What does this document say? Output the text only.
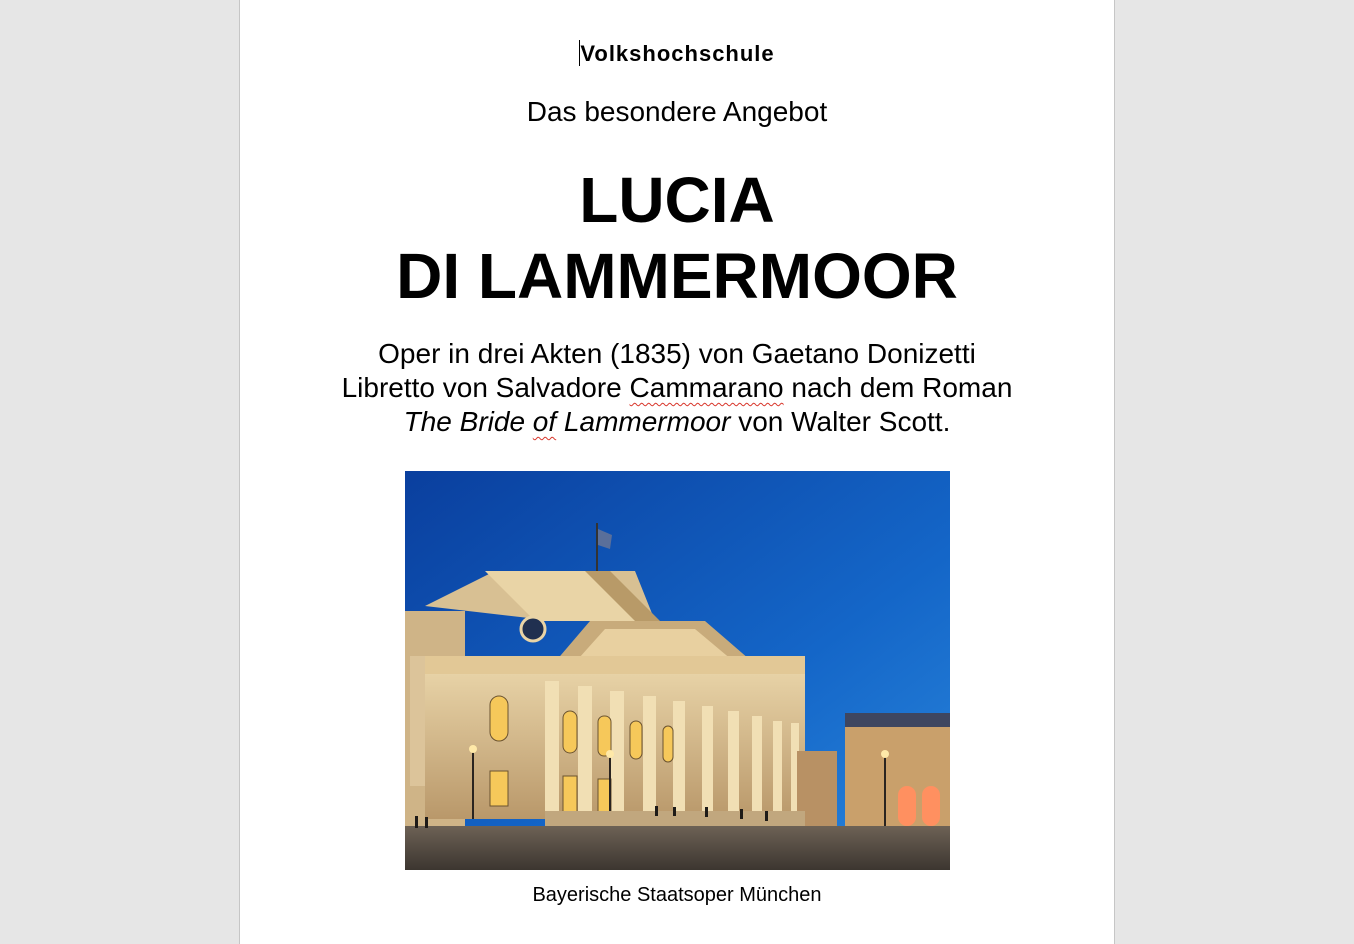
Volkshochschule
Das besondere Angebot
LUCIA
DI LAMMERMOOR
Oper in drei Akten (1835) von Gaetano Donizetti
Libretto von Salvadore Cammarano nach dem Roman
The Bride of Lammermoor von Walter Scott.
Bayerische Staatsoper München
